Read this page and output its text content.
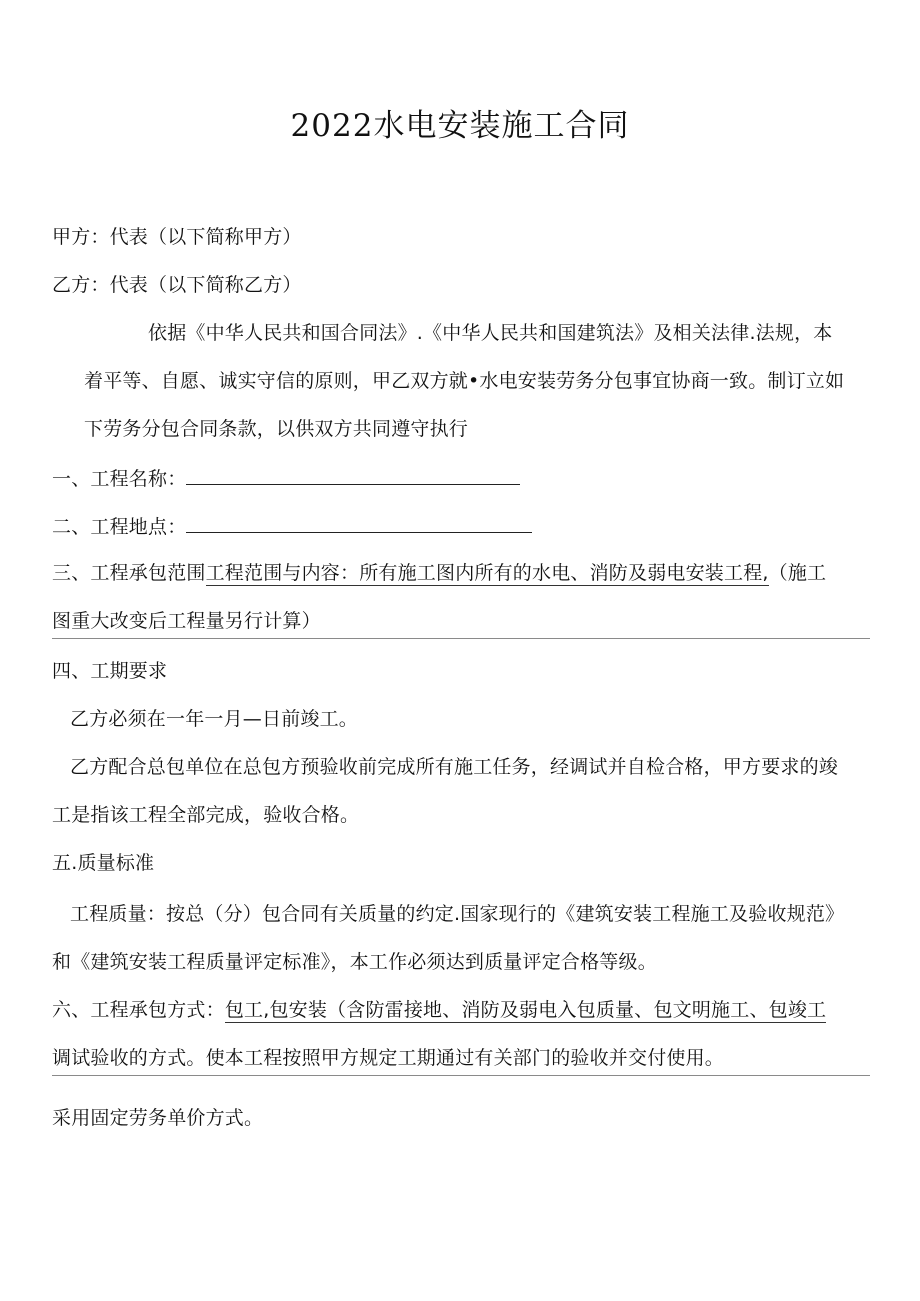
2022水电安装施工合同
甲方：代表（以下简称甲方）
乙方：代表（以下简称乙方）
依据《中华人民共和国合同法》.《中华人民共和国建筑法》及相关法律.法规，本
着平等、自愿、诚实守信的原则，甲乙双方就•水电安装劳务分包事宜协商一致。制订立如
下劳务分包合同条款，以供双方共同遵守执行
一、工程名称：
二、工程地点：
三、工程承包范围工程范围与内容：所有施工图内所有的水电、消防及弱电安装工程,（施工
图重大改变后工程量另行计算）
四、工期要求
乙方必须在一年一月—日前竣工。
乙方配合总包单位在总包方预验收前完成所有施工任务，经调试并自检合格，甲方要求的竣
工是指该工程全部完成，验收合格。
五.质量标准
工程质量：按总（分）包合同有关质量的约定.国家现行的《建筑安装工程施工及验收规范》
和《建筑安装工程质量评定标准》，本工作必须达到质量评定合格等级。
六、工程承包方式：包工,包安装（含防雷接地、消防及弱电入包质量、包文明施工、包竣工
调试验收的方式。使本工程按照甲方规定工期通过有关部门的验收并交付使用。
采用固定劳务单价方式。
